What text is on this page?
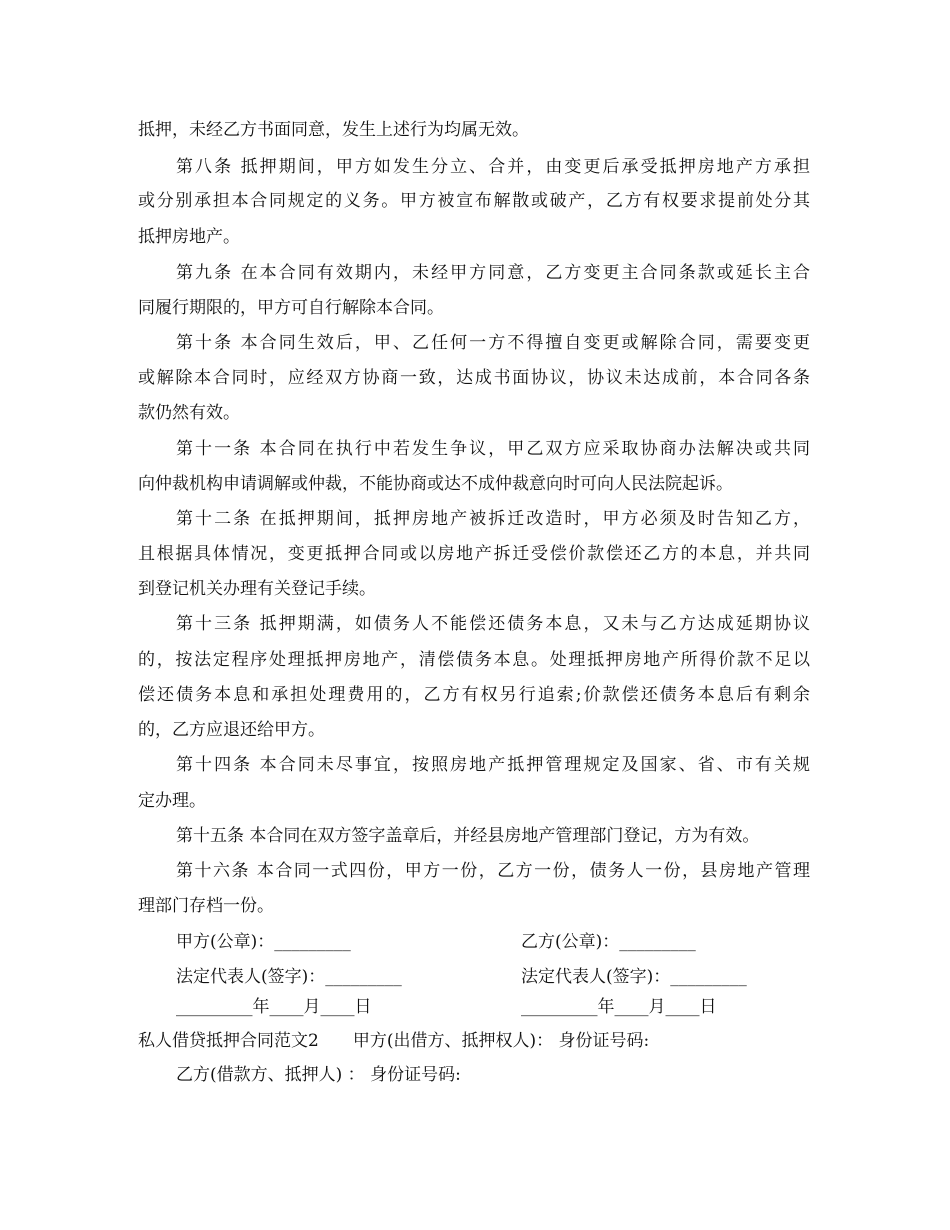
抵押，未经乙方书面同意，发生上述行为均属无效。
第八条 抵押期间，甲方如发生分立、合并，由变更后承受抵押房地产方承担
或分别承担本合同规定的义务。甲方被宣布解散或破产，乙方有权要求提前处分其
抵押房地产。
第九条 在本合同有效期内，未经甲方同意，乙方变更主合同条款或延长主合
同履行期限的，甲方可自行解除本合同。
第十条 本合同生效后，甲、乙任何一方不得擅自变更或解除合同，需要变更
或解除本合同时，应经双方协商一致，达成书面协议，协议未达成前，本合同各条
款仍然有效。
第十一条 本合同在执行中若发生争议，甲乙双方应采取协商办法解决或共同
向仲裁机构申请调解或仲裁，不能协商或达不成仲裁意向时可向人民法院起诉。
第十二条 在抵押期间，抵押房地产被拆迁改造时，甲方必须及时告知乙方，
且根据具体情况，变更抵押合同或以房地产拆迁受偿价款偿还乙方的本息，并共同
到登记机关办理有关登记手续。
第十三条 抵押期满，如债务人不能偿还债务本息，又未与乙方达成延期协议
的，按法定程序处理抵押房地产，清偿债务本息。处理抵押房地产所得价款不足以
偿还债务本息和承担处理费用的，乙方有权另行追索;价款偿还债务本息后有剩余
的，乙方应退还给甲方。
第十四条 本合同未尽事宜，按照房地产抵押管理规定及国家、省、市有关规
定办理。
第十五条 本合同在双方签字盖章后，并经县房地产管理部门登记，方为有效。
第十六条 本合同一式四份，甲方一份，乙方一份，债务人一份，县房地产管理
理部门存档一份。
甲方(公章)：_________	乙方(公章)：_________
法定代表人(签字)：_________	法定代表人(签字)：_________
_________年____月____日	_________年____月____日
私人借贷抵押合同范文2　　甲方(出借方、抵押权人)： 身份证号码:
乙方(借款方、抵押人) ： 身份证号码:
